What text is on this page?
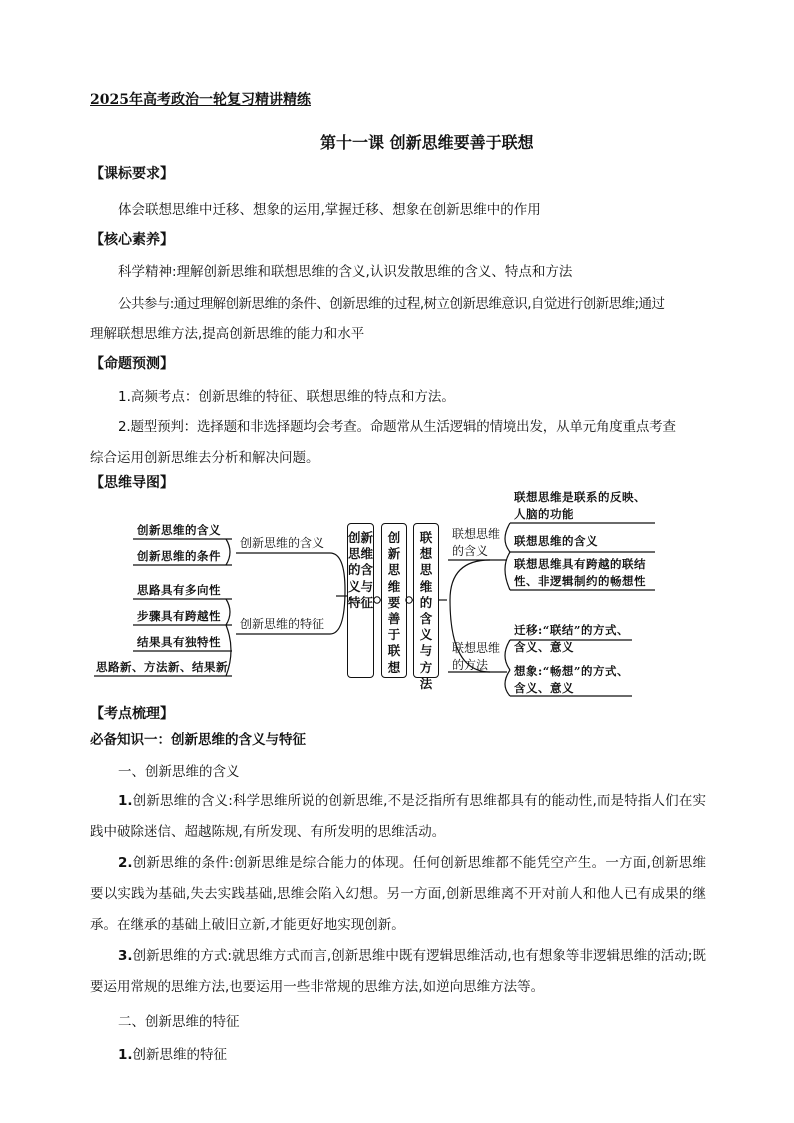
2025年高考政治一轮复习精讲精练
第十一课 创新思维要善于联想
【课标要求】
体会联想思维中迁移、想象的运用,掌握迁移、想象在创新思维中的作用
【核心素养】
科学精神:理解创新思维和联想思维的含义,认识发散思维的含义、特点和方法
公共参与:通过理解创新思维的条件、创新思维的过程,树立创新思维意识,自觉进行创新思维;通过
理解联想思维方法,提高创新思维的能力和水平
【命题预测】
1.高频考点：创新思维的特征、联想思维的特点和方法。
2.题型预判：选择题和非选择题均会考查。命题常从生活逻辑的情境出发，从单元角度重点考查
综合运用创新思维去分析和解决问题。
【思维导图】
创新思维的含义
创新思维的条件
思路具有多向性
步骤具有跨越性
结果具有独特性
思路新、方法新、结果新
创新思维的含义
创新思维的特征
创新思维的含义与特征
创新思维要善于联想
联想思维的含义与方法
联想思维的含义
联想思维的方法
联想思维是联系的反映、人脑的功能
联想思维的含义
联想思维具有跨越的联结性、非逻辑制约的畅想性
迁移:“联结”的方式、含义、意义
想象:“畅想”的方式、含义、意义
【考点梳理】
必备知识一：创新思维的含义与特征
一、创新思维的含义
1.创新思维的含义:科学思维所说的创新思维,不是泛指所有思维都具有的能动性,而是特指人们在实践中破除迷信、超越陈规,有所发现、有所发明的思维活动。
2.创新思维的条件:创新思维是综合能力的体现。任何创新思维都不能凭空产生。一方面,创新思维要以实践为基础,失去实践基础,思维会陷入幻想。另一方面,创新思维离不开对前人和他人已有成果的继承。在继承的基础上破旧立新,才能更好地实现创新。
3.创新思维的方式:就思维方式而言,创新思维中既有逻辑思维活动,也有想象等非逻辑思维的活动;既要运用常规的思维方法,也要运用一些非常规的思维方法,如逆向思维方法等。
二、创新思维的特征
1.创新思维的特征
